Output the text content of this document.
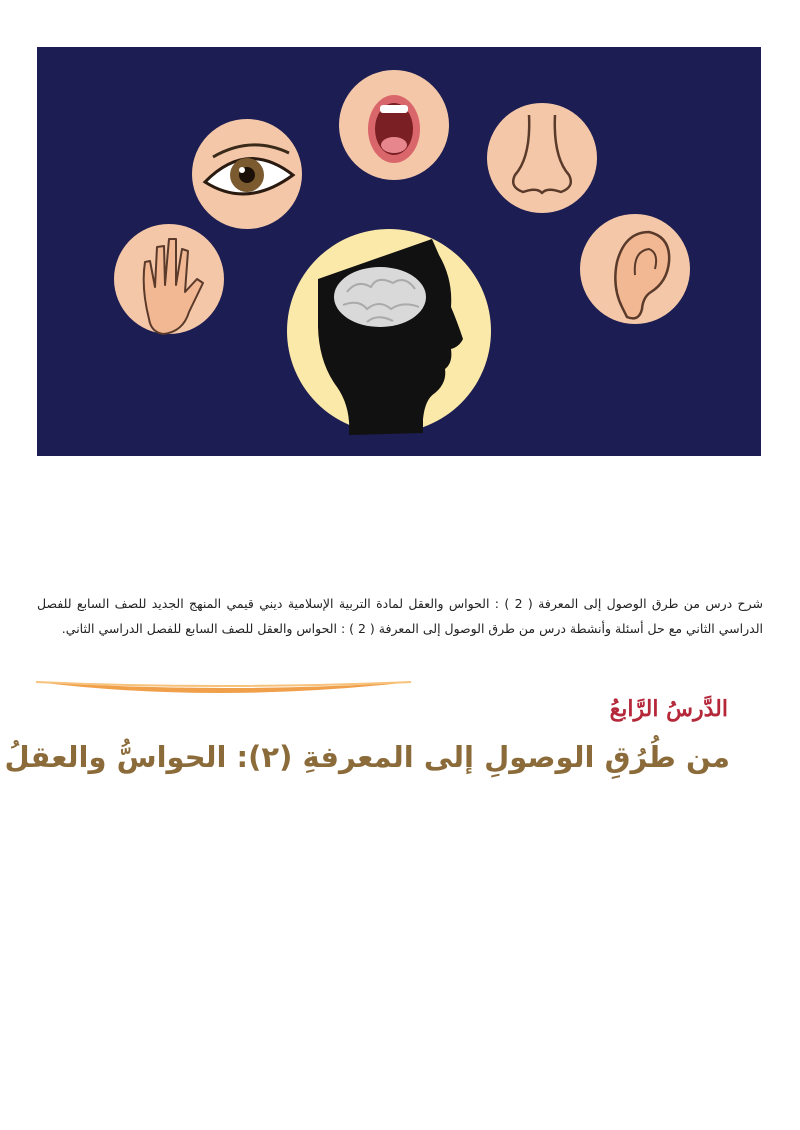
شرح درس من طرق الوصول إلى المعرفة ( 2 ) : الحواس والعقل لمادة التربية الإسلامية ديني قيمي المنهج الجديد للصف السابع للفصل الدراسي الثاني مع حل أسئلة وأنشطة درس من طرق الوصول إلى المعرفة ( 2 ) : الحواس والعقل للصف السابع للفصل الدراسي الثاني.

الدَّرسُ الرَّابعُ
من طُرُقِ الوصولِ إلى المعرفةِ (٢): الحواسُّ والعقلُ
